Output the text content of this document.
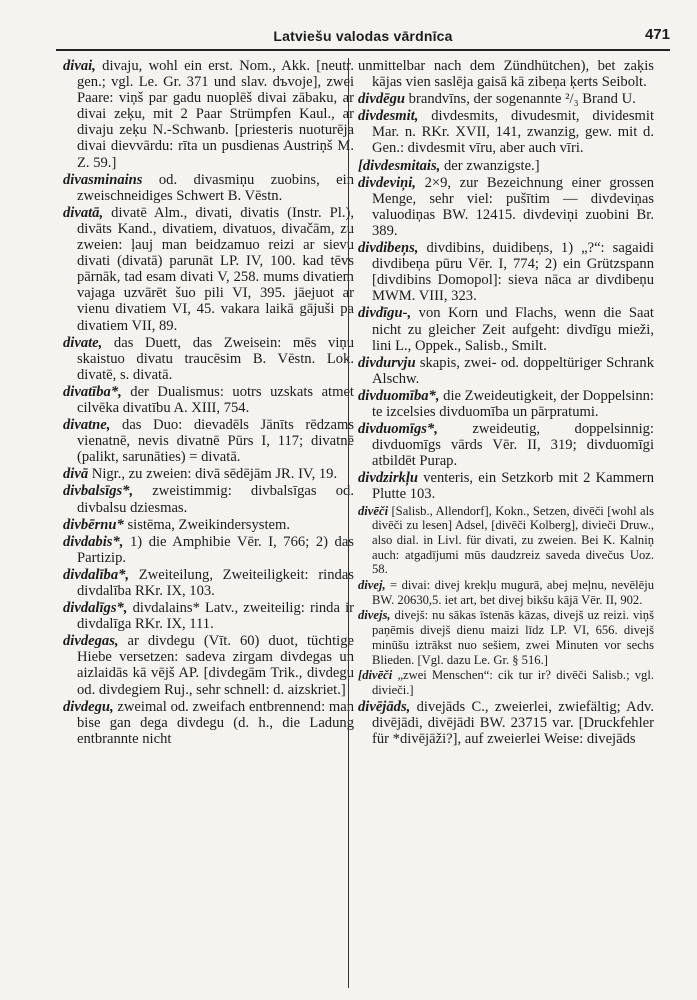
Latviešu valodas vārdnīca	471

divai, divaju, wohl ein erst. Nom., Akk. [neutr. gen.; vgl. Le. Gr. 371 und slav. dъvoje], zwei Paare: viņš par gadu nuoplēš divai zābaku, ar divai zeķu, mit 2 Paar Strümpfen Kaul., ar divaju zeķu N.-Schwanb. [priesteris nuoturēja divai dievvārdu: rīta un pusdienas Austriņš M. Z. 59.]

divasminains od. divasmiņu zuobins, ein zweischneidiges Schwert B. Vēstn.

divatā, divatē Alm., divati, divatis (Instr. Pl.), divāts Kand., divatiem, divatuos, divačām, zu zweien: ļauj man beidzamuo reizi ar sievu divati (divatā) parunāt LP. IV, 100. kad tēvs pārnāk, tad esam divati V, 258. mums divatiem vajaga uzvārēt šuo pili VI, 395. jāejuot ar vienu divatiem VI, 45. vakara laikā gājuši pa divatiem VII, 89.

divate, das Duett, das Zweisein: mēs viņu skaistuo divatu traucēsim B. Vēstn. Lok. divatē, s. divatā.

divatība*, der Dualismus: uotrs uzskats atmet cilvēka divatību A. XIII, 754.

divatne, das Duo: dievadēls Jānīts rēdzams vienatnē, nevis divatnē Pūrs I, 117; divatnē (palikt, sarunāties) = divatā.

divā Nigr., zu zweien: divā sēdējām JR. IV, 19.

divbalsīgs*, zweistimmig: divbalsīgas od. divbalsu dziesmas.

divbērnu* sistēma, Zweikindersystem.

divdabis*, 1) die Amphibie Vēr. I, 766; 2) das Partizip.

divdalība*, Zweiteilung, Zweiteiligkeit: rindas divdalība RKr. IX, 103.

divdalīgs*, divdalains* Latv., zweiteilig: rinda ir divdalīga RKr. IX, 111.

divdegas, ar divdegu (Vīt. 60) duot, tüchtige Hiebe versetzen: sadeva zirgam divdegas un aizlaidās kā vējš AP. [divdegām Trik., divdegu od. divdegiem Ruj., sehr schnell: d. aizskriet.]

divdegu, zweimal od. zweifach entbrennend: man bise gan dega divdegu (d. h., die Ladung entbrannte nicht

unmittelbar nach dem Zündhütchen), bet zaķis kājas vien saslēja gaisā kā zibeņa ķerts Seibolt.

divdēgu brandvīns, der sogenannte ²/₃ Brand U.

divdesmit, divdesmits, divudesmit, dividesmit Mar. n. RKr. XVII, 141, zwanzig, gew. mit d. Gen.: divdesmit vīru, aber auch vīri.

[divdesmitais, der zwanzigste.]

divdeviņi, 2×9, zur Bezeichnung einer grossen Menge, sehr viel: pušītim — divdeviņas valuodiņas BW. 12415. divdeviņi zuobini Br. 389.

divdibeņs, divdibins, duidibeņs, 1) „?“: sagaidi divdibeņa pūru Vēr. I, 774; 2) ein Grützspann [divdibins Domopol]: sieva nāca ar divdibeņu MWM. VIII, 323.

divdīgu-, von Korn und Flachs, wenn die Saat nicht zu gleicher Zeit aufgeht: divdīgu mieži, lini L., Oppek., Salisb., Smilt.

divdurvju skapis, zwei- od. doppeltüriger Schrank Alschw.

divduomība*, die Zweideutigkeit, der Doppelsinn: te izcelsies divduomība un pārpratumi.

divduomīgs*, zweideutig, doppelsinnig: divduomīgs vārds Vēr. II, 319; divduomīgi atbildēt Purap.

divdzirkļu venteris, ein Setzkorb mit 2 Kammern Plutte 103.

divēči [Salisb., Allendorf], Kokn., Setzen, divēči [wohl als divēči zu lesen] Adsel, [divēči Kolberg], divieči Druw., also dial. in Livl. für divati, zu zweien. Bei K. Kalniņ auch: atgadījumi mūs daudzreiz saveda divečus Uoz. 58.

divej, = divai: divej krekļu mugurā, abej meļnu, nevēlēju BW. 20630,5. iet art, bet divej bikšu kājā Vēr. II, 902.

divejs, divejš: nu sākas īstenās kāzas, divejš uz reizi. viņš paņēmis divejš dienu maizi līdz LP. VI, 656. divejš minūšu iztrākst nuo sešiem, zwei Minuten vor sechs Blieden. [Vgl. dazu Le. Gr. § 516.]

[divēči „zwei Menschen“: cik tur ir? divēči Salisb.; vgl. divieči.]

divējāds, divejāds C., zweierlei, zwiefältig; Adv. divējādi, divējādi BW. 23715 var. [Druckfehler für *divējāži?], auf zweierlei Weise: divejāds
